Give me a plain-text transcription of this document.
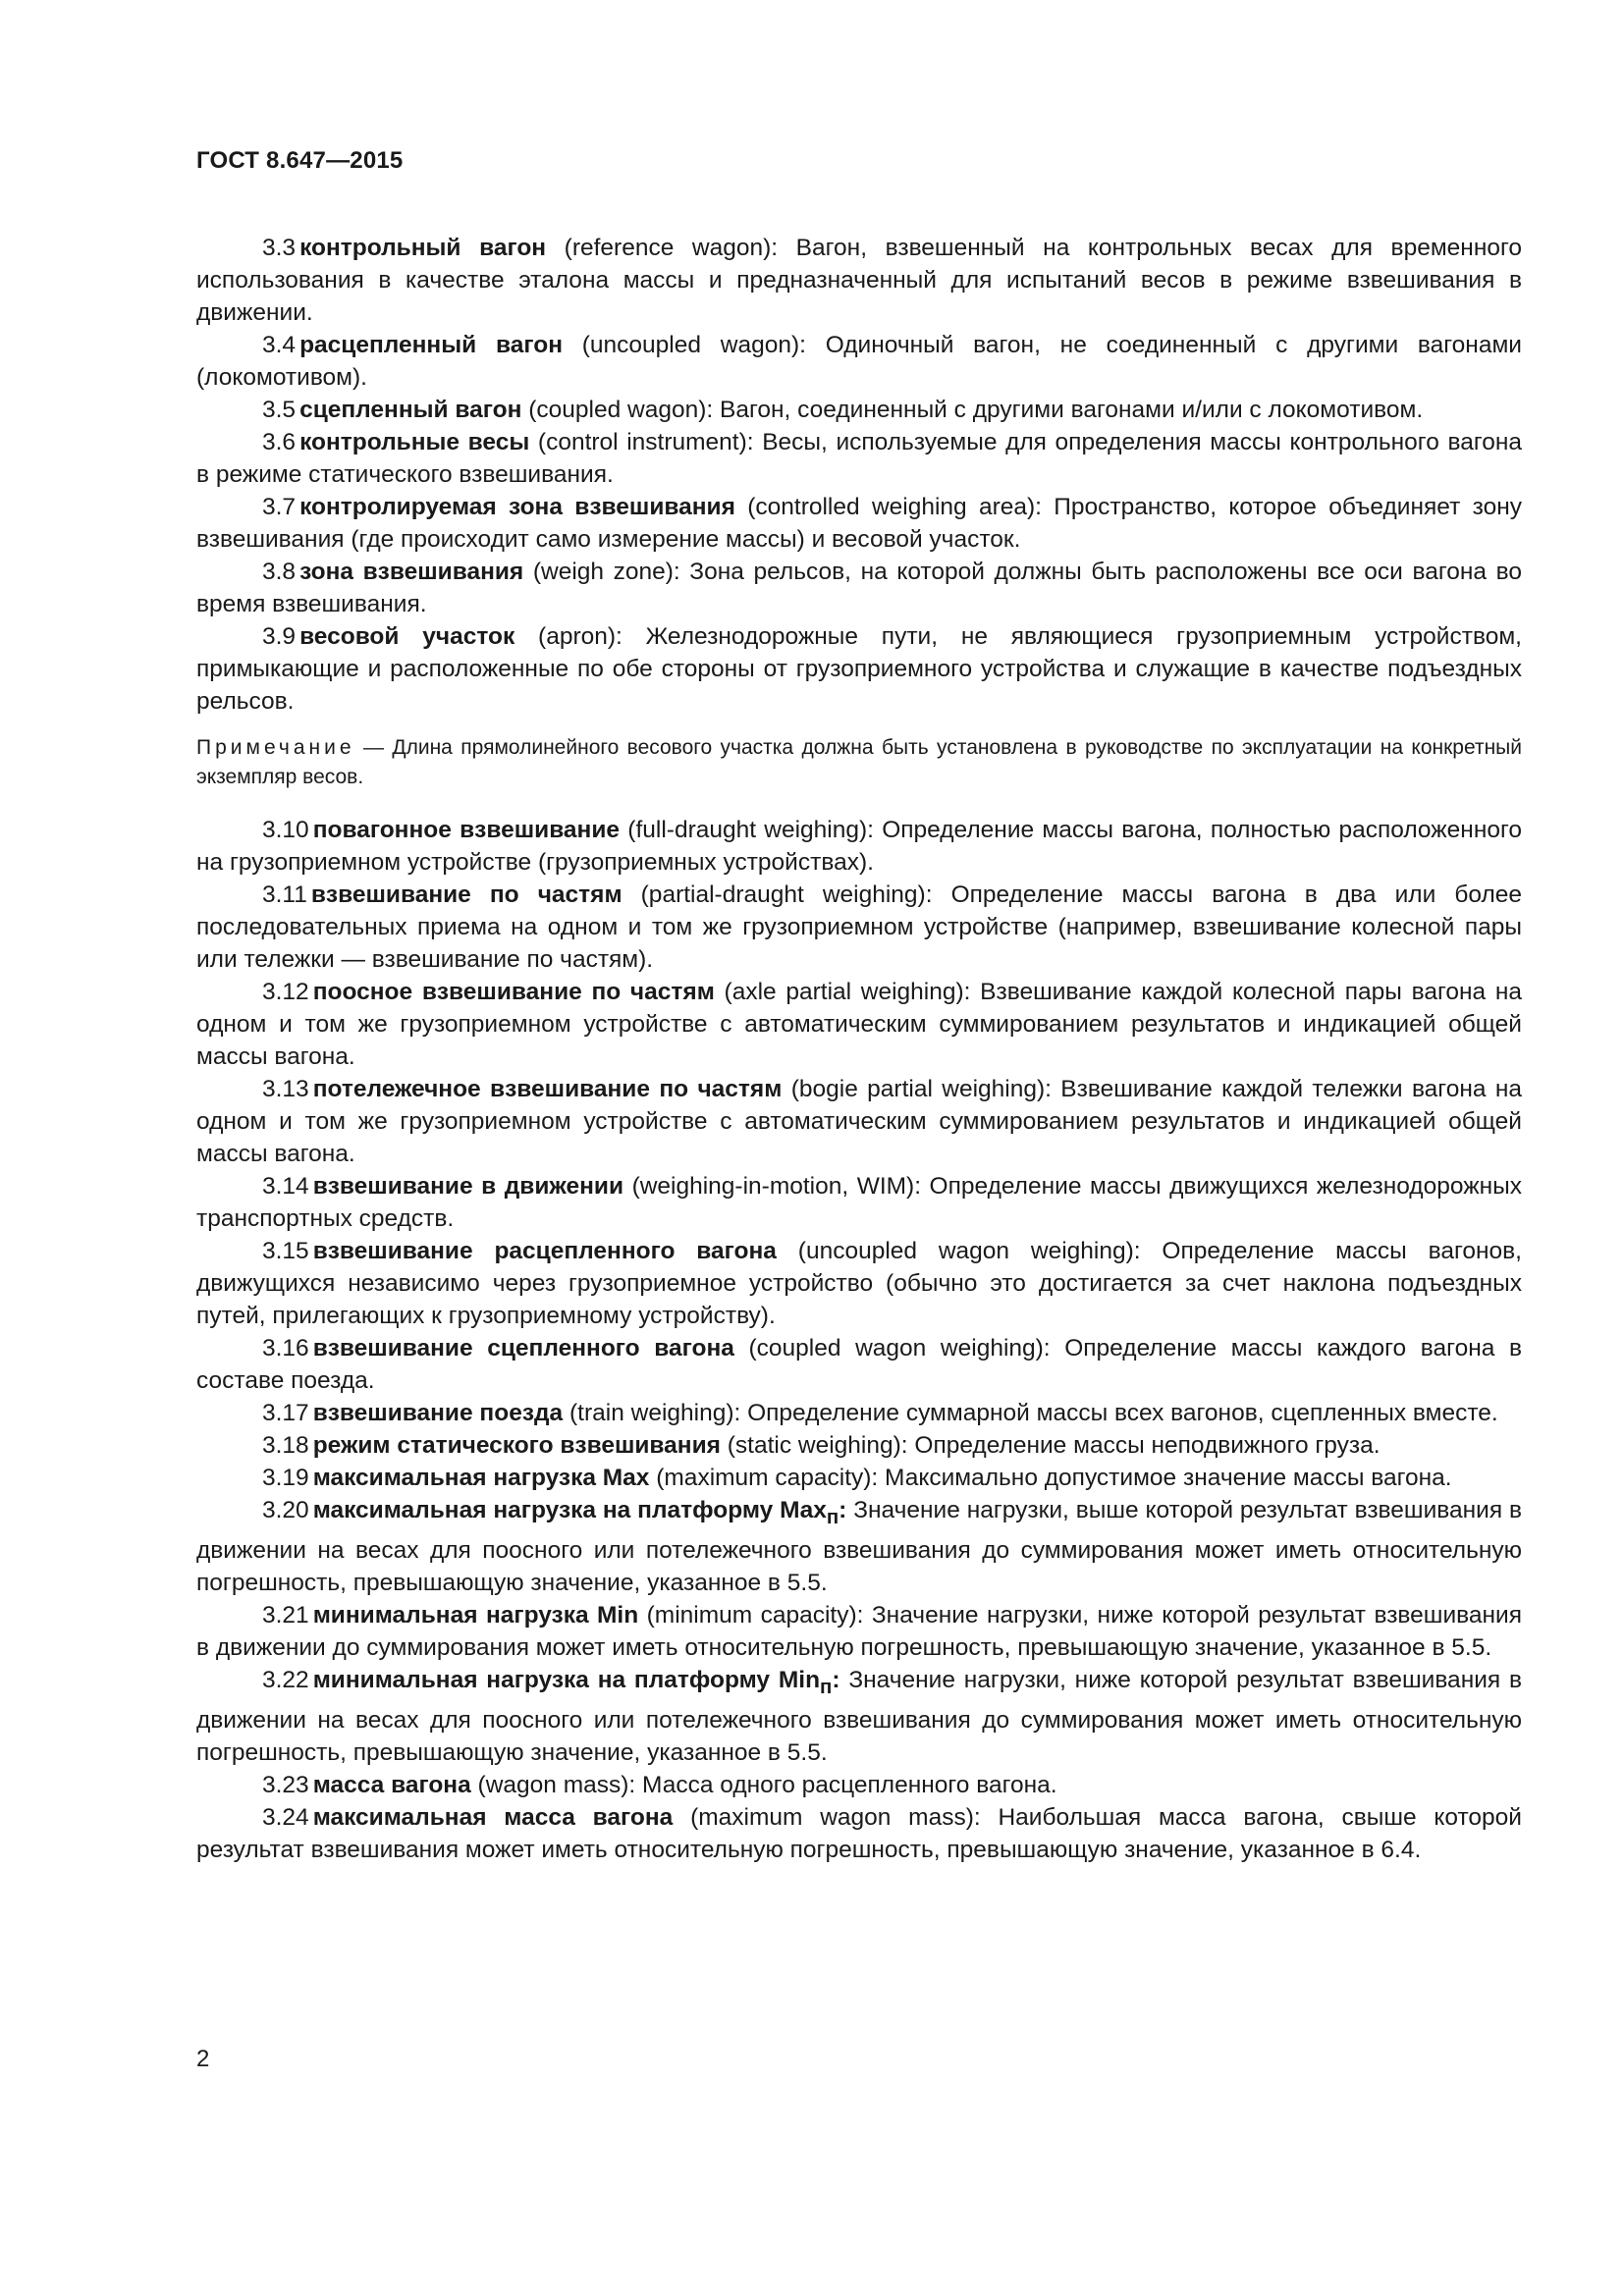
ГОСТ 8.647—2015

3.3 контрольный вагон (reference wagon): Вагон, взвешенный на контрольных весах для временного использования в качестве эталона массы и предназначенный для испытаний весов в режиме взвешивания в движении.

3.4 расцепленный вагон (uncoupled wagon): Одиночный вагон, не соединенный с другими вагонами (локомотивом).

3.5 сцепленный вагон (coupled wagon): Вагон, соединенный с другими вагонами и/или с локомотивом.

3.6 контрольные весы (control instrument): Весы, используемые для определения массы контрольного вагона в режиме статического взвешивания.

3.7 контролируемая зона взвешивания (controlled weighing area): Пространство, которое объединяет зону взвешивания (где происходит само измерение массы) и весовой участок.

3.8 зона взвешивания (weigh zone): Зона рельсов, на которой должны быть расположены все оси вагона во время взвешивания.

3.9 весовой участок (apron): Железнодорожные пути, не являющиеся грузоприемным устройством, примыкающие и расположенные по обе стороны от грузоприемного устройства и служащие в качестве подъездных рельсов.

Примечание — Длина прямолинейного весового участка должна быть установлена в руководстве по эксплуатации на конкретный экземпляр весов.

3.10 повагонное взвешивание (full-draught weighing): Определение массы вагона, полностью расположенного на грузоприемном устройстве (грузоприемных устройствах).

3.11 взвешивание по частям (partial-draught weighing): Определение массы вагона в два или более последовательных приема на одном и том же грузоприемном устройстве (например, взвешивание колесной пары или тележки — взвешивание по частям).

3.12 поосное взвешивание по частям (axle partial weighing): Взвешивание каждой колесной пары вагона на одном и том же грузоприемном устройстве с автоматическим суммированием результатов и индикацией общей массы вагона.

3.13 потележечное взвешивание по частям (bogie partial weighing): Взвешивание каждой тележки вагона на одном и том же грузоприемном устройстве с автоматическим суммированием результатов и индикацией общей массы вагона.

3.14 взвешивание в движении (weighing-in-motion, WIM): Определение массы движущихся железнодорожных транспортных средств.

3.15 взвешивание расцепленного вагона (uncoupled wagon weighing): Определение массы вагонов, движущихся независимо через грузоприемное устройство (обычно это достигается за счет наклона подъездных путей, прилегающих к грузоприемному устройству).

3.16 взвешивание сцепленного вагона (coupled wagon weighing): Определение массы каждого вагона в составе поезда.

3.17 взвешивание поезда (train weighing): Определение суммарной массы всех вагонов, сцепленных вместе.

3.18 режим статического взвешивания (static weighing): Определение массы неподвижного груза.

3.19 максимальная нагрузка Max (maximum capacity): Максимально допустимое значение массы вагона.

3.20 максимальная нагрузка на платформу Max$_п$: Значение нагрузки, выше которой результат взвешивания в движении на весах для поосного или потележечного взвешивания до суммирования может иметь относительную погрешность, превышающую значение, указанное в 5.5.

3.21 минимальная нагрузка Min (minimum capacity): Значение нагрузки, ниже которой результат взвешивания в движении до суммирования может иметь относительную погрешность, превышающую значение, указанное в 5.5.

3.22 минимальная нагрузка на платформу Min$_п$: Значение нагрузки, ниже которой результат взвешивания в движении на весах для поосного или потележечного взвешивания до суммирования может иметь относительную погрешность, превышающую значение, указанное в 5.5.

3.23 масса вагона (wagon mass): Масса одного расцепленного вагона.

3.24 максимальная масса вагона (maximum wagon mass): Наибольшая масса вагона, свыше которой результат взвешивания может иметь относительную погрешность, превышающую значение, указанное в 6.4.

2
